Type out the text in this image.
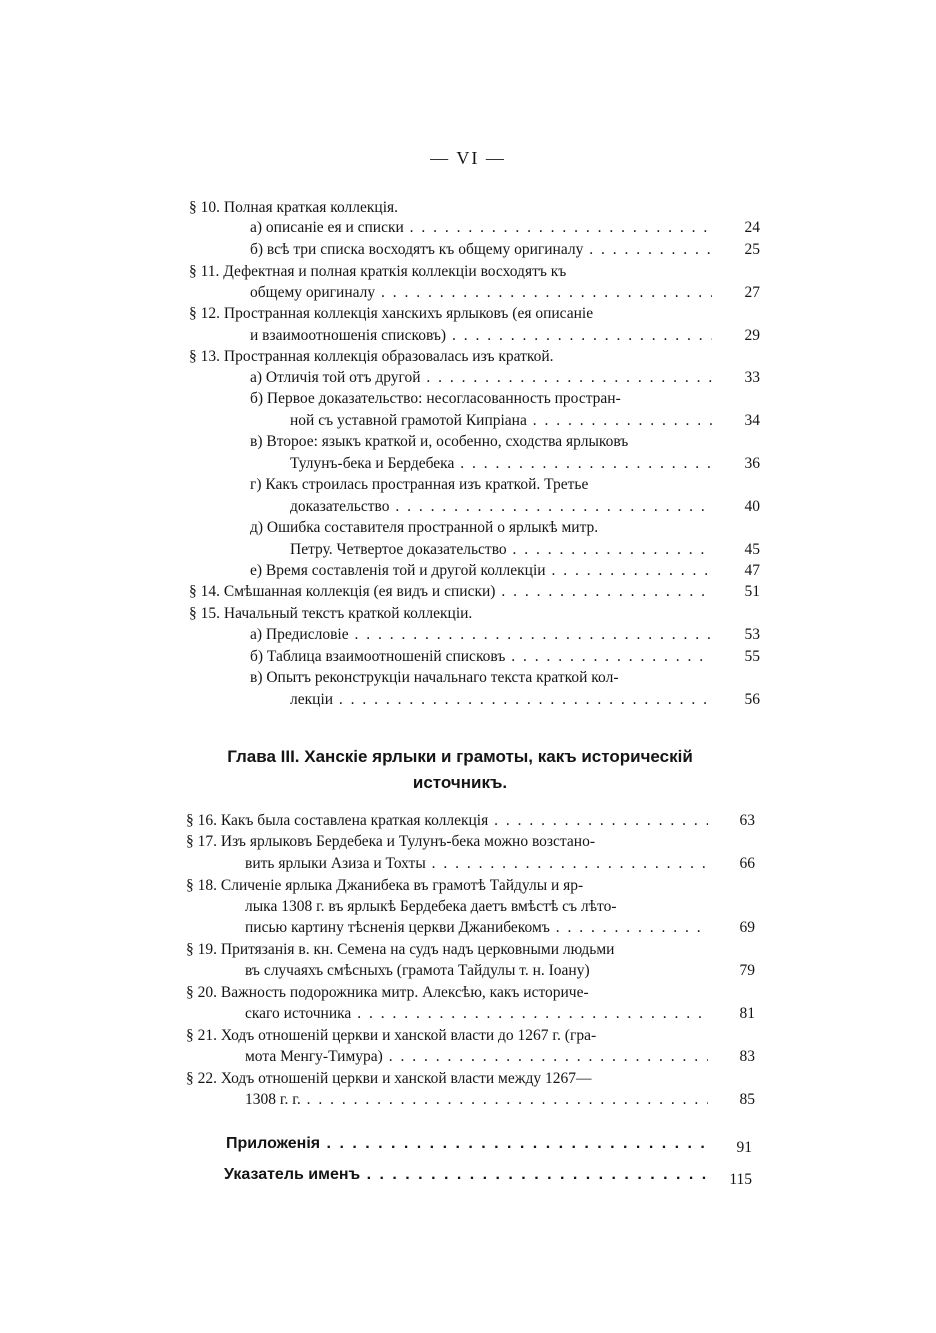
— VI —
§ 10. Полная краткая коллекція.
а) описаніе ея и списки . . .	24
б) всѣ три списка восходятъ къ общему оригиналу . . .	25
§ 11. Дефектная и полная краткія коллекціи восходятъ къ
общему оригиналу . . .	27
§ 12. Пространная коллекція ханскихъ ярлыковъ (ея описаніе
и взаимоотношенія списковъ) . . .	29
§ 13. Пространная коллекція образовалась изъ краткой.
а) Отличія той отъ другой . . .	33
б) Первое доказательство: несогласованность простран-
ной съ уставной грамотой Кипріана . . .	34
в) Второе: языкъ краткой и, особенно, сходства ярлыковъ
Тулунъ-бека и Бердебека . . .	36
г) Какъ строилась пространная изъ краткой. Третье
доказательство . . .	40
д) Ошибка составителя пространной о ярлыкѣ митр.
Петру. Четвертое доказательство . . .	45
е) Время составленія той и другой коллекціи . . .	47
§ 14. Смѣшанная коллекція (ея видъ и списки) . . .	51
§ 15. Начальный текстъ краткой коллекціи.
а) Предисловіе . . .	53
б) Таблица взаимоотношеній списковъ . . .	55
в) Опытъ реконструкціи начальнаго текста краткой кол-
лекціи . . .	56
Глава III. Ханскіе ярлыки и грамоты, какъ историческій
источникъ.
§ 16. Какъ была составлена краткая коллекція . . .	63
§ 17. Изъ ярлыковъ Бердебека и Тулунъ-бека можно возстано-
вить ярлыки Азиза и Тохты . . .	66
§ 18. Сличеніе ярлыка Джанибека въ грамотѣ Тайдулы и яр-
лыка 1308 г. въ ярлыкѣ Бердебека даетъ вмѣстѣ съ лѣто-
писью картину тѣсненія церкви Джанибекомъ . . .	69
§ 19. Притязанія в. кн. Семена на судъ надъ церковными людьми
въ случаяхъ смѣсныхъ (грамота Тайдулы т. н. Іоану)	79
§ 20. Важность подорожника митр. Алексѣю, какъ историче-
скаго источника . . .	81
§ 21. Ходъ отношеній церкви и ханской власти до 1267 г. (гра-
мота Менгу-Тимура) . . .	83
§ 22. Ходъ отношеній церкви и ханской власти между 1267—
1308 г. г. . . .	85
Приложенія . . .	91
Указатель именъ . . .	115
